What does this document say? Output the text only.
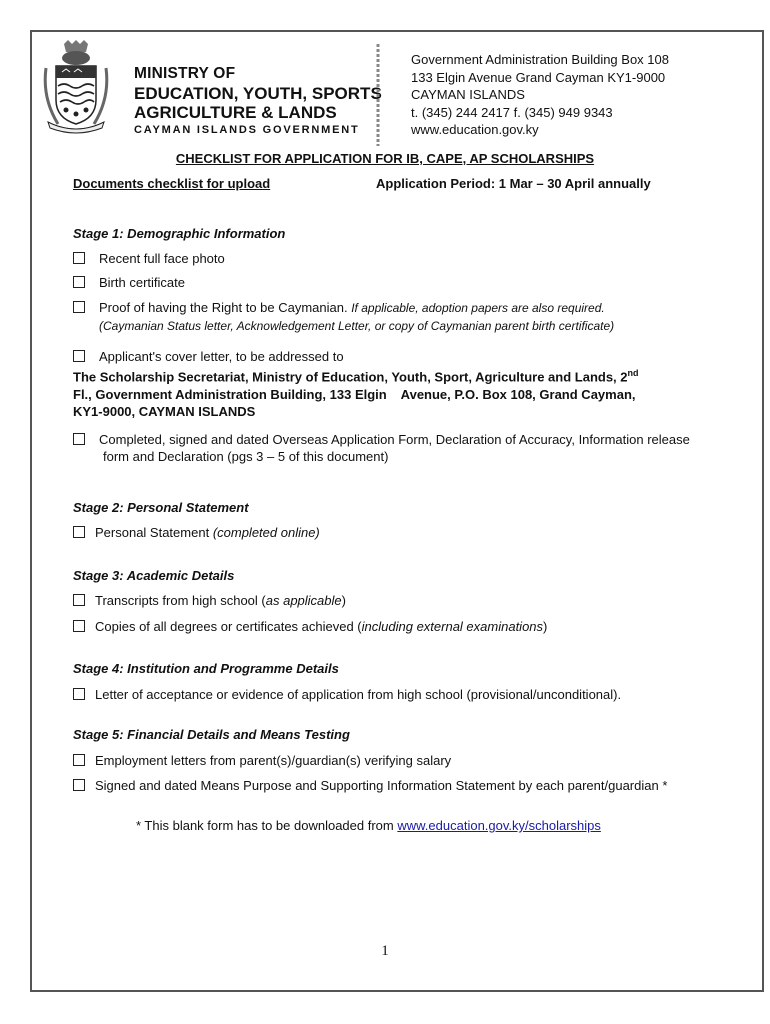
MINISTRY OF
EDUCATION, YOUTH, SPORTS
AGRICULTURE & LANDS
CAYMAN ISLANDS GOVERNMENT
Government Administration Building Box 108
133 Elgin Avenue Grand Cayman KY1-9000
CAYMAN ISLANDS
t. (345) 244 2417 f. (345) 949 9343
www.education.gov.ky
CHECKLIST FOR APPLICATION FOR IB, CAPE, AP SCHOLARSHIPS
Documents checklist for upload	Application Period: 1 Mar – 30 April annually
Stage 1: Demographic Information
Recent full face photo
Birth certificate
Proof of having the Right to be Caymanian. If applicable, adoption papers are also required.
(Caymanian Status letter, Acknowledgement Letter, or copy of Caymanian parent birth certificate)
Applicant's cover letter, to be addressed to
The Scholarship Secretariat, Ministry of Education, Youth, Sport, Agriculture and Lands, 2nd
Fl., Government Administration Building, 133 Elgin    Avenue, P.O. Box 108, Grand Cayman,
KY1-9000, CAYMAN ISLANDS
Completed, signed and dated Overseas Application Form, Declaration of Accuracy, Information release
form and Declaration (pgs 3 – 5 of this document)
Stage 2: Personal Statement
Personal Statement (completed online)
Stage 3: Academic Details
Transcripts from high school (as applicable)
Copies of all degrees or certificates achieved (including external examinations)
Stage 4: Institution and Programme Details
Letter of acceptance or evidence of application from high school (provisional/unconditional).
Stage 5: Financial Details and Means Testing
Employment letters from parent(s)/guardian(s) verifying salary
Signed and dated Means Purpose and Supporting Information Statement by each parent/guardian *
* This blank form has to be downloaded from www.education.gov.ky/scholarships
1
